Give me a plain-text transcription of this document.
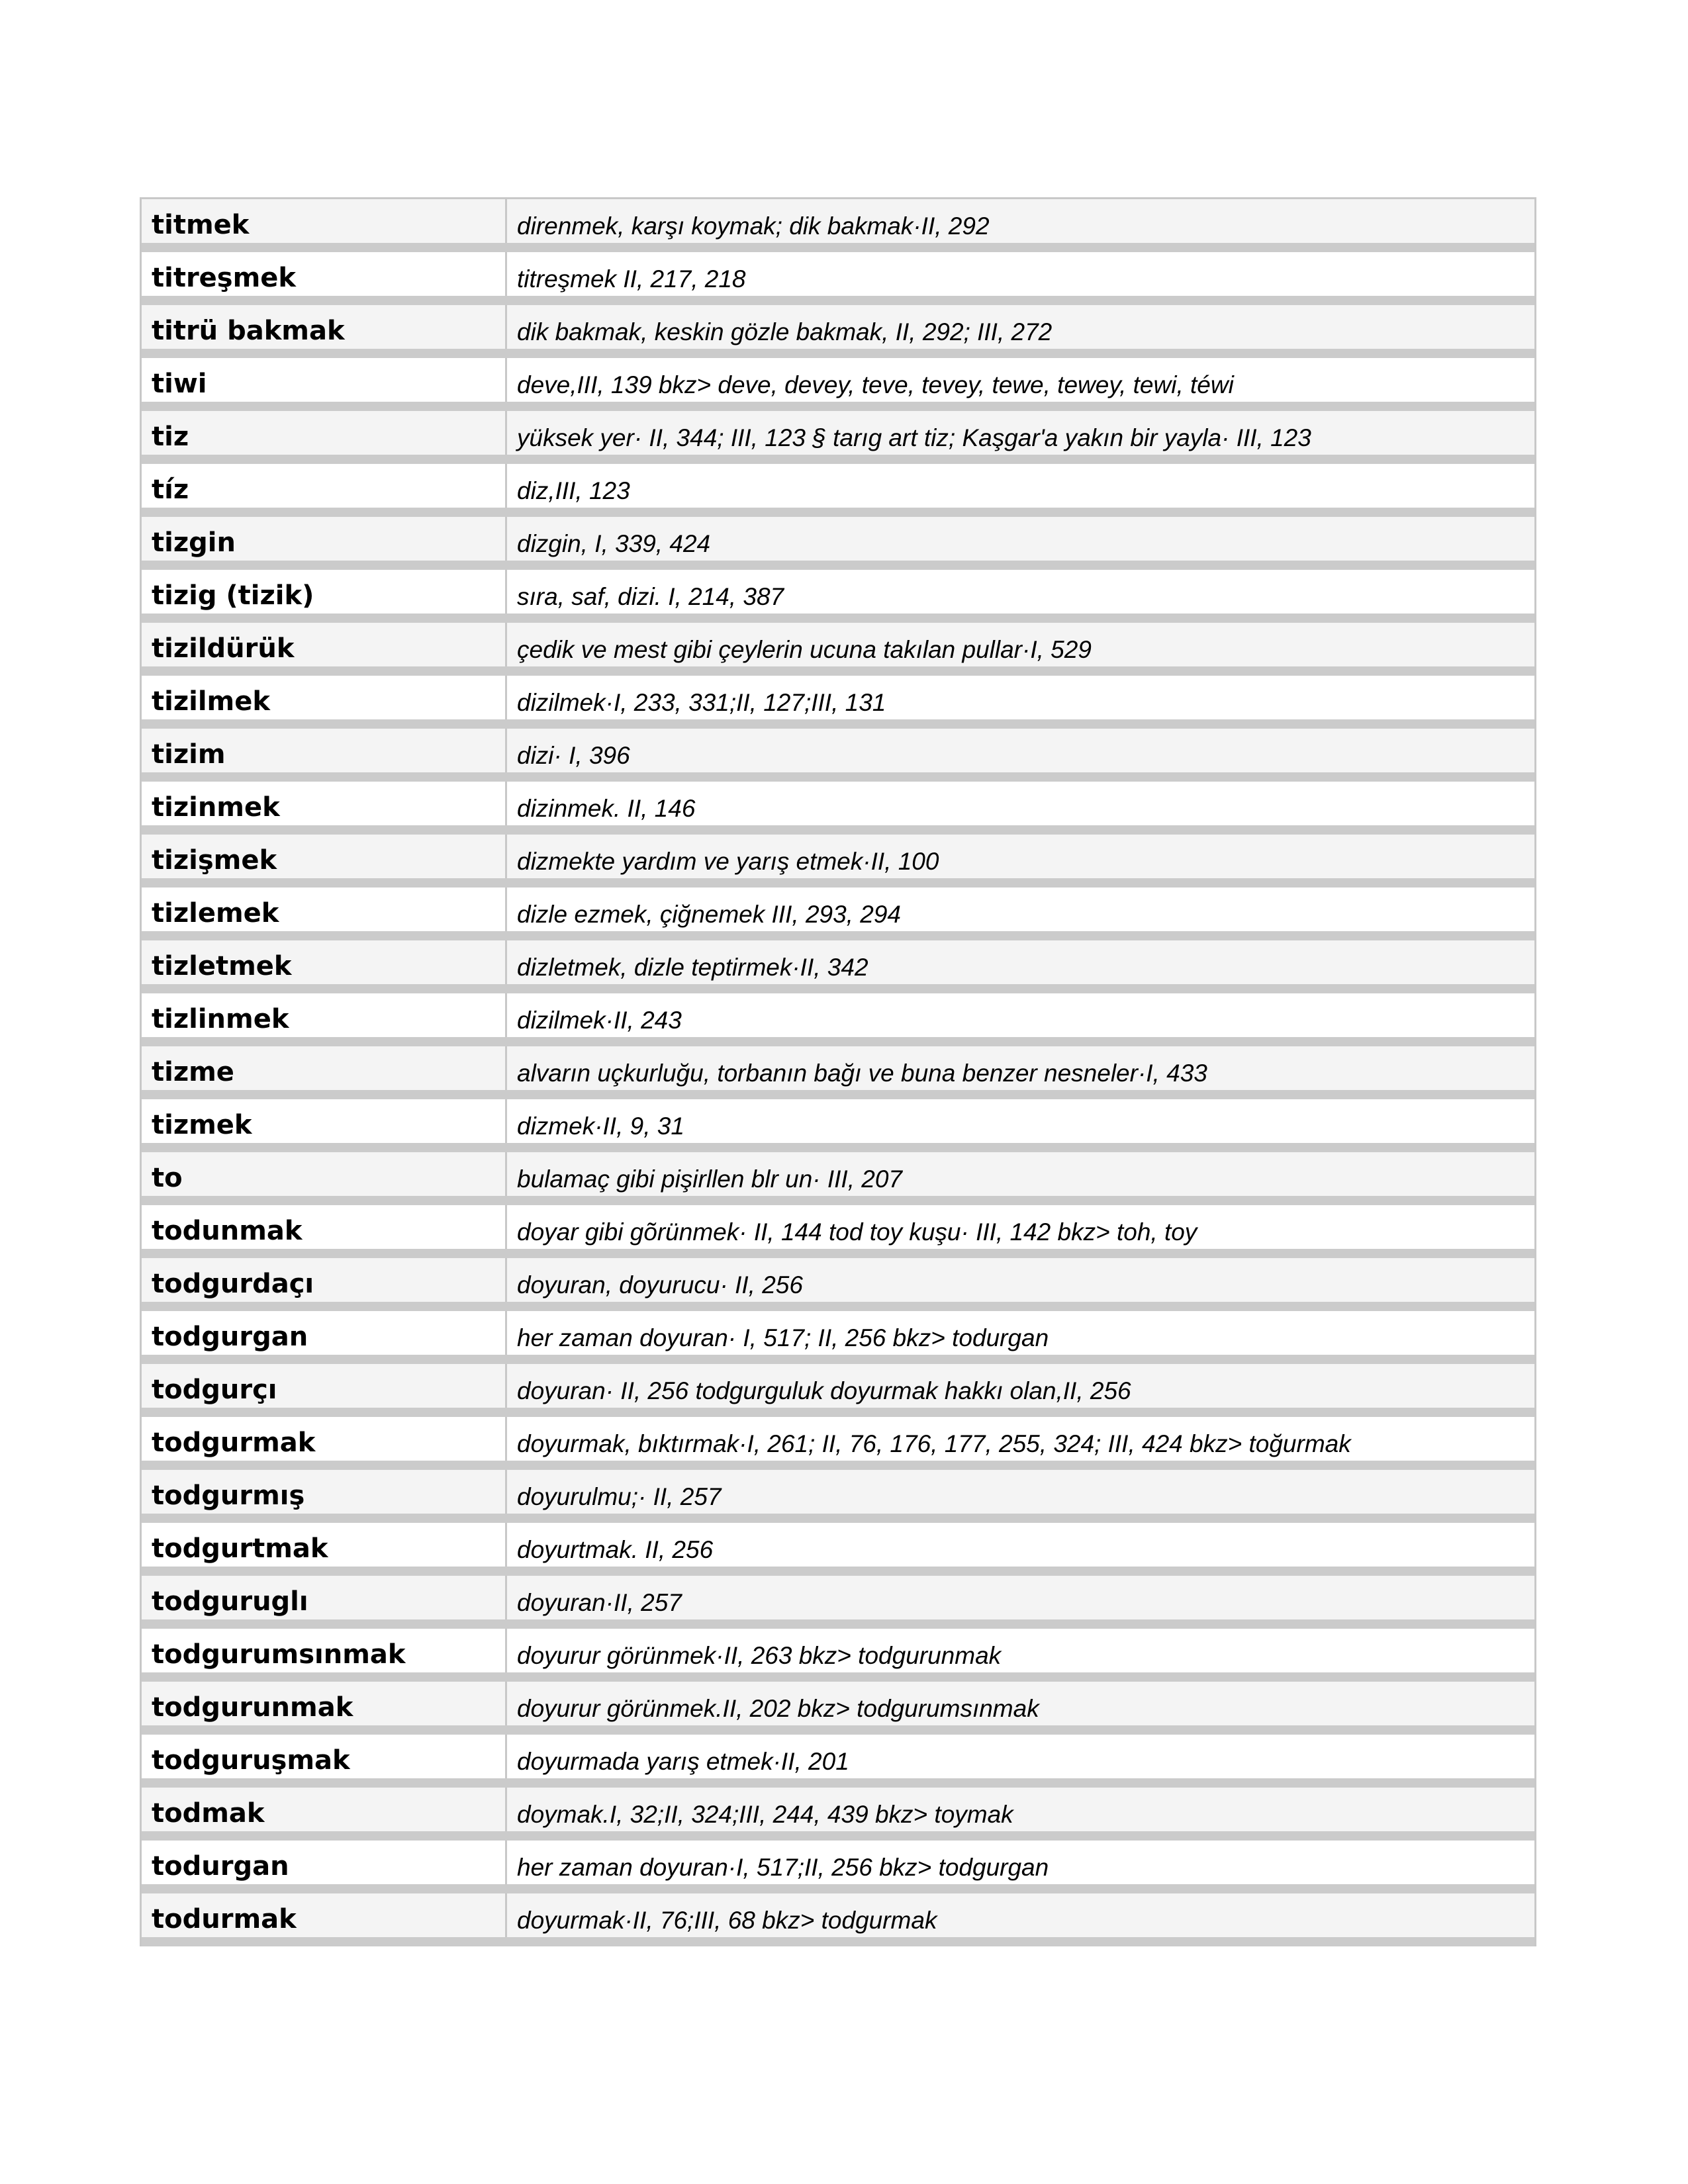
titmek	direnmek, karşı koymak; dik bakmak·II, 292
titreşmek	titreşmek II, 217, 218
titrü bakmak	dik bakmak, keskin gözle bakmak, II, 292; III, 272
tiwi	deve,III, 139 bkz> deve, devey, teve, tevey, tewe, tewey, tewi, téwi
tiz	yüksek yer· II, 344; III, 123 § tarıg art tiz; Kaşgar'a yakın bir yayla· III, 123
tíz	diz,III, 123
tizgin	dizgin, I, 339, 424
tizig (tizik)	sıra, saf, dizi. I, 214, 387
tizildürük	çedik ve mest gibi çeylerin ucuna takılan pullar·I, 529
tizilmek	dizilmek·I, 233, 331;II, 127;III, 131
tizim	dizi· I, 396
tizinmek	dizinmek. II, 146
tizişmek	dizmekte yardım ve yarış etmek·II, 100
tizlemek	dizle ezmek, çiğnemek III, 293, 294
tizletmek	dizletmek, dizle teptirmek·II, 342
tizlinmek	dizilmek·II, 243
tizme	alvarın uçkurluğu, torbanın bağı ve buna benzer nesneler·I, 433
tizmek	dizmek·II, 9, 31
to	bulamaç gibi pişirllen blr un· III, 207
todunmak	doyar gibi gõrünmek· II, 144 tod toy kuşu· III, 142 bkz> toh, toy
todgurdaçı	doyuran, doyurucu· II, 256
todgurgan	her zaman doyuran· I, 517; II, 256 bkz> todurgan
todgurçı	doyuran· II, 256 todgurguluk doyurmak hakkı olan,II, 256
todgurmak	doyurmak, bıktırmak·I, 261; II, 76, 176, 177, 255, 324; III, 424 bkz> toğurmak
todgurmış	doyurulmu;· II, 257
todgurtmak	doyurtmak. II, 256
todguruglı	doyuran·II, 257
todgurumsınmak	doyurur görünmek·II, 263 bkz> todgurunmak
todgurunmak	doyurur görünmek.II, 202 bkz> todgurumsınmak
todguruşmak	doyurmada yarış etmek·II, 201
todmak	doymak.I, 32;II, 324;III, 244, 439 bkz> toymak
todurgan	her zaman doyuran·I, 517;II, 256 bkz> todgurgan
todurmak	doyurmak·II, 76;III, 68 bkz> todgurmak
